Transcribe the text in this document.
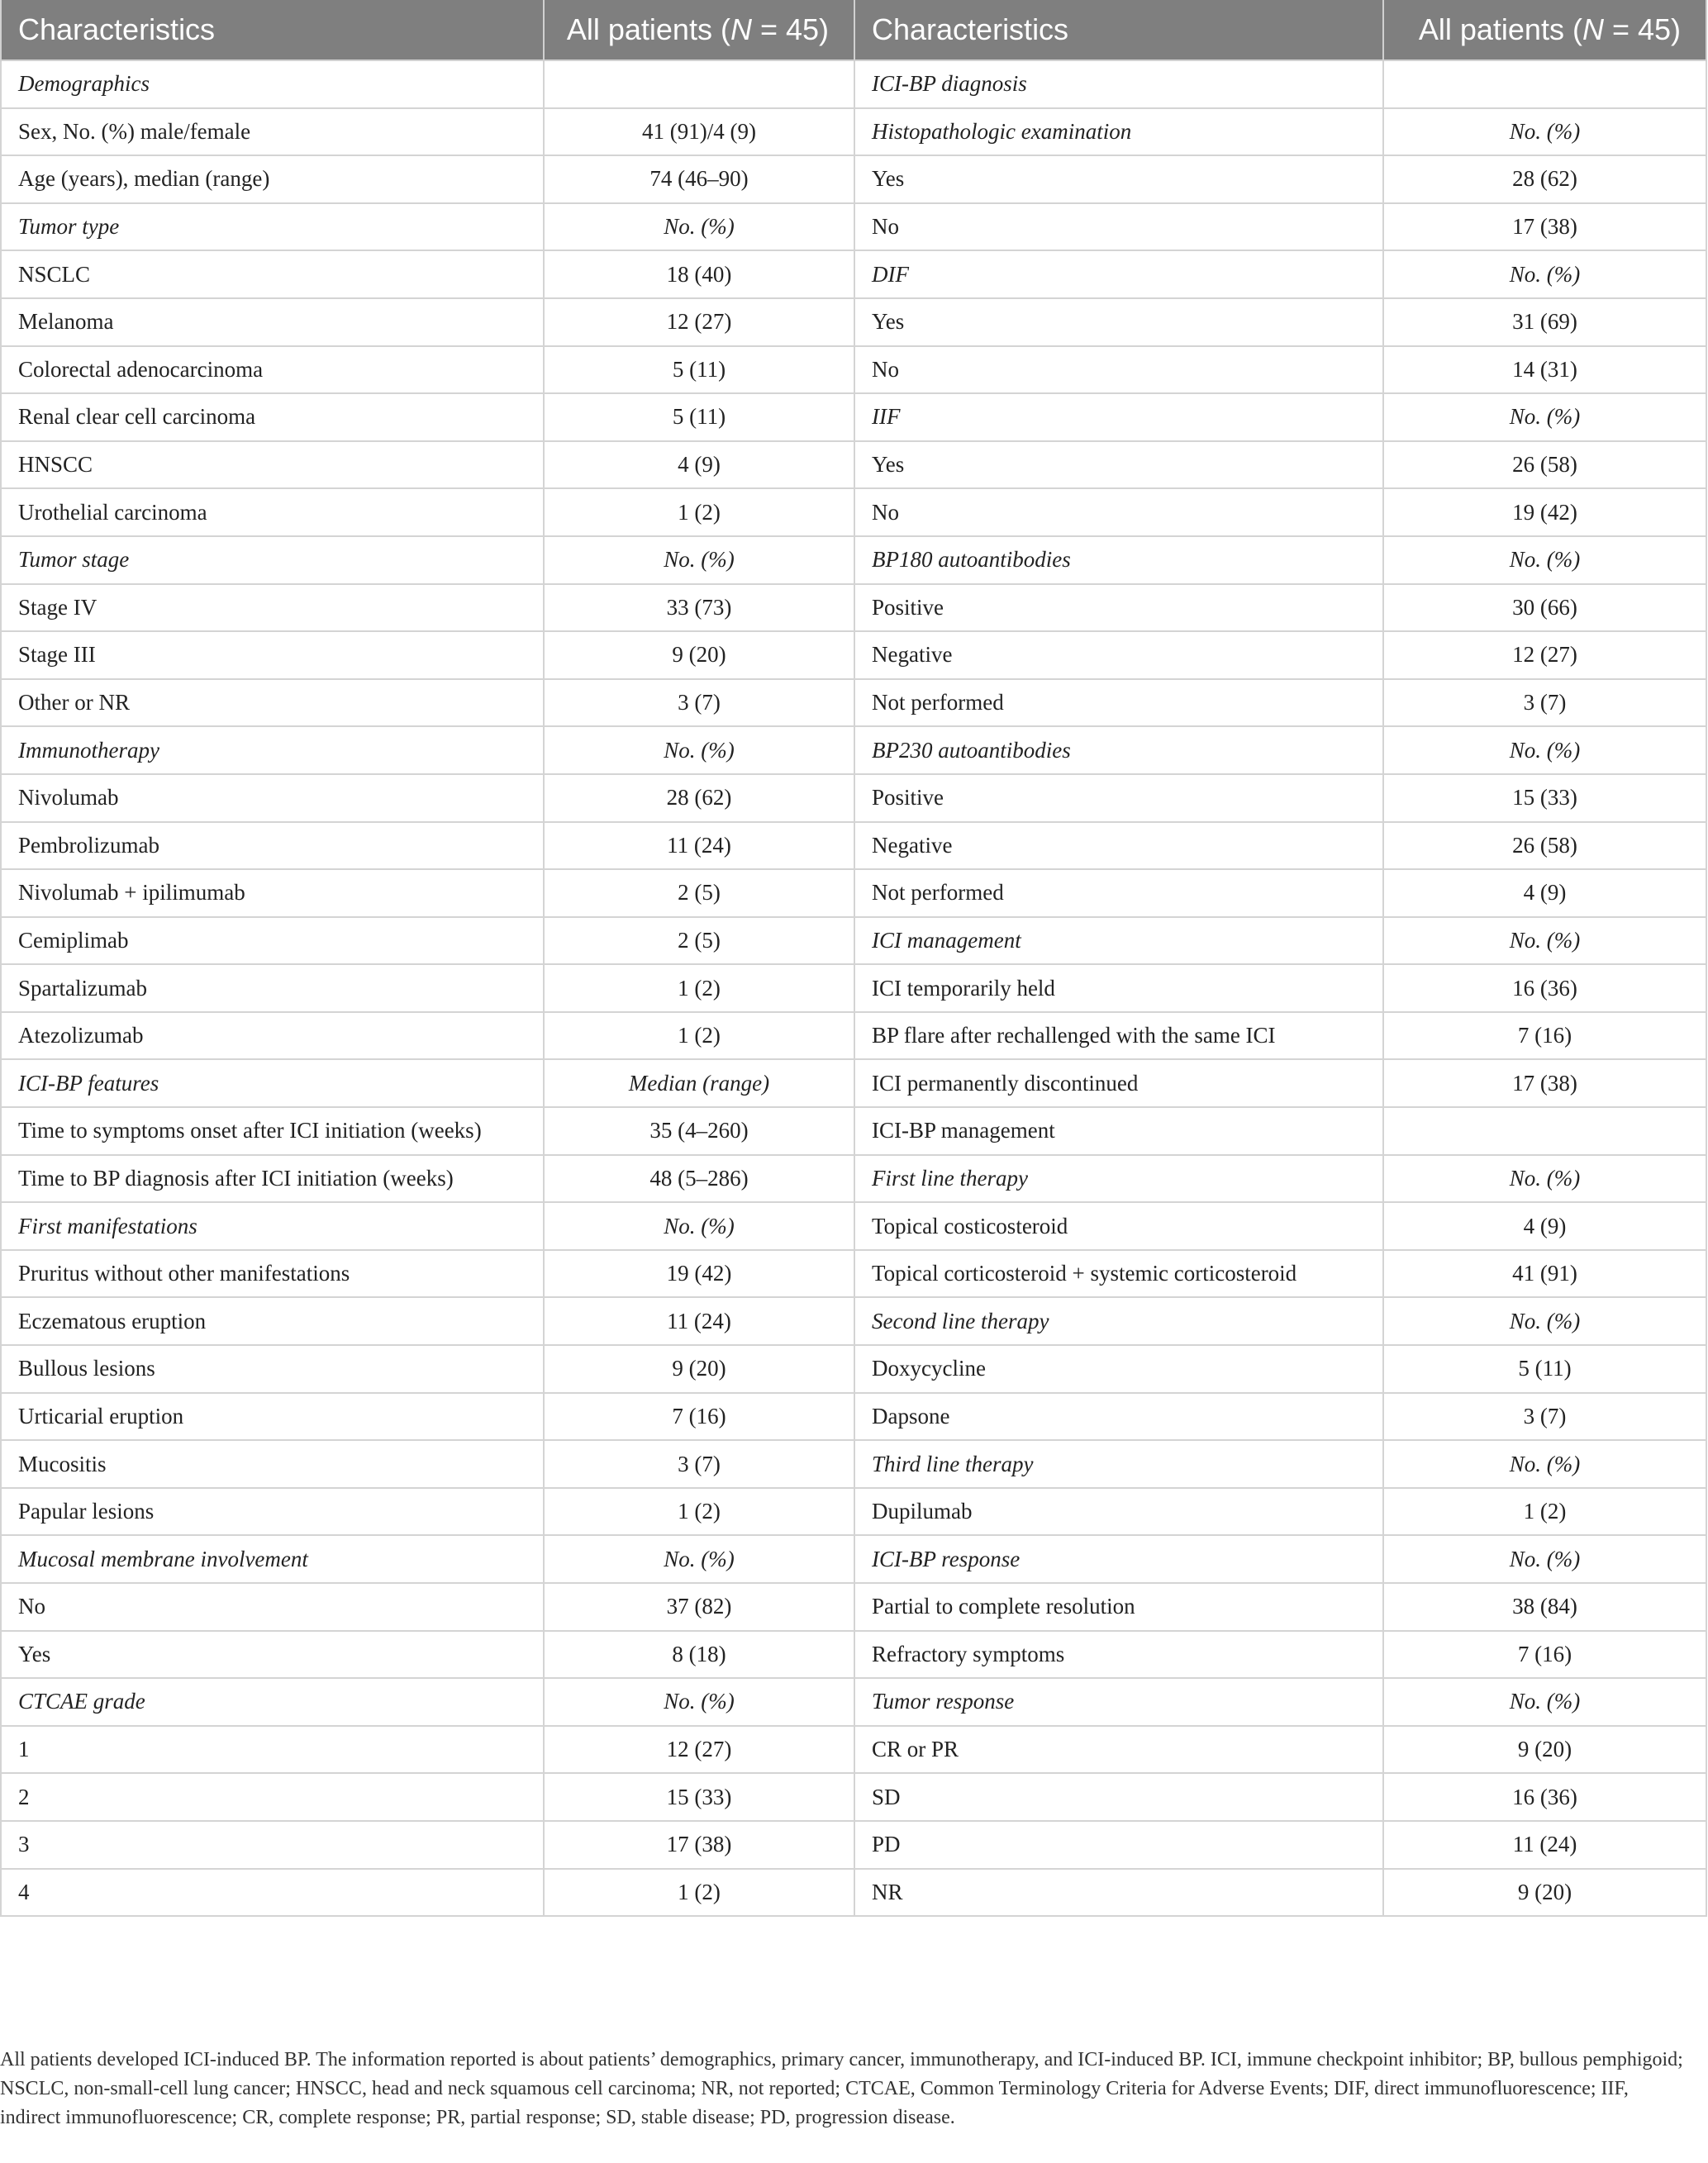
Characteristics	All patients (N = 45)	Characteristics	All patients (N = 45)
Demographics		ICI-BP diagnosis	
Sex, No. (%) male/female	41 (91)/4 (9)	Histopathologic examination	No. (%)
Age (years), median (range)	74 (46–90)	Yes	28 (62)
Tumor type	No. (%)	No	17 (38)
NSCLC	18 (40)	DIF	No. (%)
Melanoma	12 (27)	Yes	31 (69)
Colorectal adenocarcinoma	5 (11)	No	14 (31)
Renal clear cell carcinoma	5 (11)	IIF	No. (%)
HNSCC	4 (9)	Yes	26 (58)
Urothelial carcinoma	1 (2)	No	19 (42)
Tumor stage	No. (%)	BP180 autoantibodies	No. (%)
Stage IV	33 (73)	Positive	30 (66)
Stage III	9 (20)	Negative	12 (27)
Other or NR	3 (7)	Not performed	3 (7)
Immunotherapy	No. (%)	BP230 autoantibodies	No. (%)
Nivolumab	28 (62)	Positive	15 (33)
Pembrolizumab	11 (24)	Negative	26 (58)
Nivolumab + ipilimumab	2 (5)	Not performed	4 (9)
Cemiplimab	2 (5)	ICI management	No. (%)
Spartalizumab	1 (2)	ICI temporarily held	16 (36)
Atezolizumab	1 (2)	BP flare after rechallenged with the same ICI	7 (16)
ICI-BP features	Median (range)	ICI permanently discontinued	17 (38)
Time to symptoms onset after ICI initiation (weeks)	35 (4–260)	ICI-BP management	
Time to BP diagnosis after ICI initiation (weeks)	48 (5–286)	First line therapy	No. (%)
First manifestations	No. (%)	Topical costicosteroid	4 (9)
Pruritus without other manifestations	19 (42)	Topical corticosteroid + systemic corticosteroid	41 (91)
Eczematous eruption	11 (24)	Second line therapy	No. (%)
Bullous lesions	9 (20)	Doxycycline	5 (11)
Urticarial eruption	7 (16)	Dapsone	3 (7)
Mucositis	3 (7)	Third line therapy	No. (%)
Papular lesions	1 (2)	Dupilumab	1 (2)
Mucosal membrane involvement	No. (%)	ICI-BP response	No. (%)
No	37 (82)	Partial to complete resolution	38 (84)
Yes	8 (18)	Refractory symptoms	7 (16)
CTCAE grade	No. (%)	Tumor response	No. (%)
1	12 (27)	CR or PR	9 (20)
2	15 (33)	SD	16 (36)
3	17 (38)	PD	11 (24)
4	1 (2)	NR	9 (20)

All patients developed ICI-induced BP. The information reported is about patients’ demographics, primary cancer, immunotherapy, and ICI-induced BP. ICI, immune checkpoint inhibitor; BP, bullous pemphigoid; NSCLC, non-small-cell lung cancer; HNSCC, head and neck squamous cell carcinoma; NR, not reported; CTCAE, Common Terminology Criteria for Adverse Events; DIF, direct immunofluorescence; IIF, indirect immunofluorescence; CR, complete response; PR, partial response; SD, stable disease; PD, progression disease.
